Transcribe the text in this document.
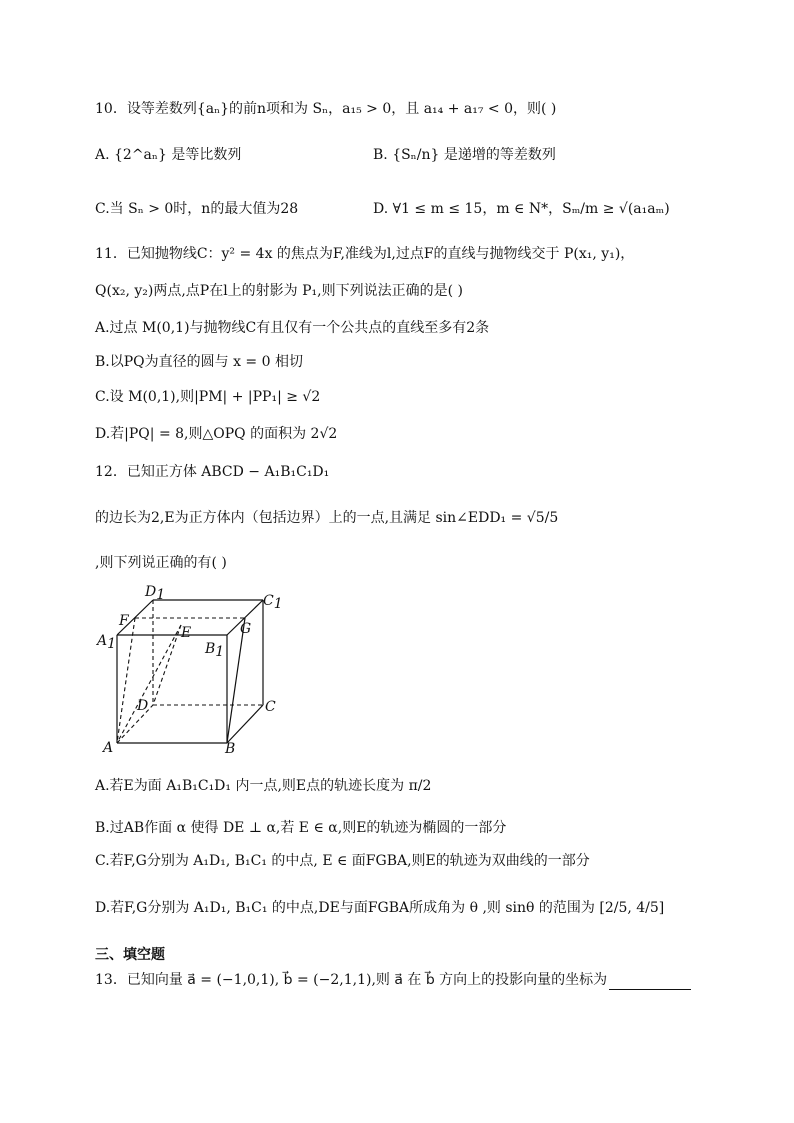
10．设等差数列{aₙ}的前n项和为 Sₙ，a₁₅ > 0，且 a₁₄ + a₁₇ < 0，则( )
A. {2^aₙ} 是等比数列	B. {Sₙ/n} 是递增的等差数列
C.当 Sₙ > 0时，n的最大值为28	D. ∀1 ≤ m ≤ 15，m ∈ N*，Sₘ/m ≥ √(a₁aₘ)
11．已知抛物线C：y² = 4x 的焦点为F,准线为l,过点F的直线与抛物线交于 P(x₁, y₁)，
Q(x₂, y₂)两点,点P在l上的射影为 P₁,则下列说法正确的是( )
A.过点 M(0,1)与抛物线C有且仅有一个公共点的直线至多有2条
B.以PQ为直径的圆与 x = 0 相切
C.设 M(0,1),则|PM| + |PP₁| ≥ √2
D.若|PQ| = 8,则△OPQ 的面积为 2√2
12．已知正方体 ABCD − A₁B₁C₁D₁
的边长为2,E为正方体内（包括边界）上的一点,且满足 sin∠EDD₁ = √5/5
,则下列说正确的有( )
D1	C1
F
E	G
A1	B1
D	C
A	B
A.若E为面 A₁B₁C₁D₁ 内一点,则E点的轨迹长度为 π/2
B.过AB作面 α 使得 DE ⊥ α,若 E ∈ α,则E的轨迹为椭圆的一部分
C.若F,G分别为 A₁D₁, B₁C₁ 的中点, E ∈ 面FGBA,则E的轨迹为双曲线的一部分
D.若F,G分别为 A₁D₁, B₁C₁ 的中点,DE与面FGBA所成角为 θ ,则 sinθ 的范围为 [2/5, 4/5]
三、填空题
13．已知向量 a⃗ = (−1,0,1), b⃗ = (−2,1,1),则 a⃗ 在 b⃗ 方向上的投影向量的坐标为
